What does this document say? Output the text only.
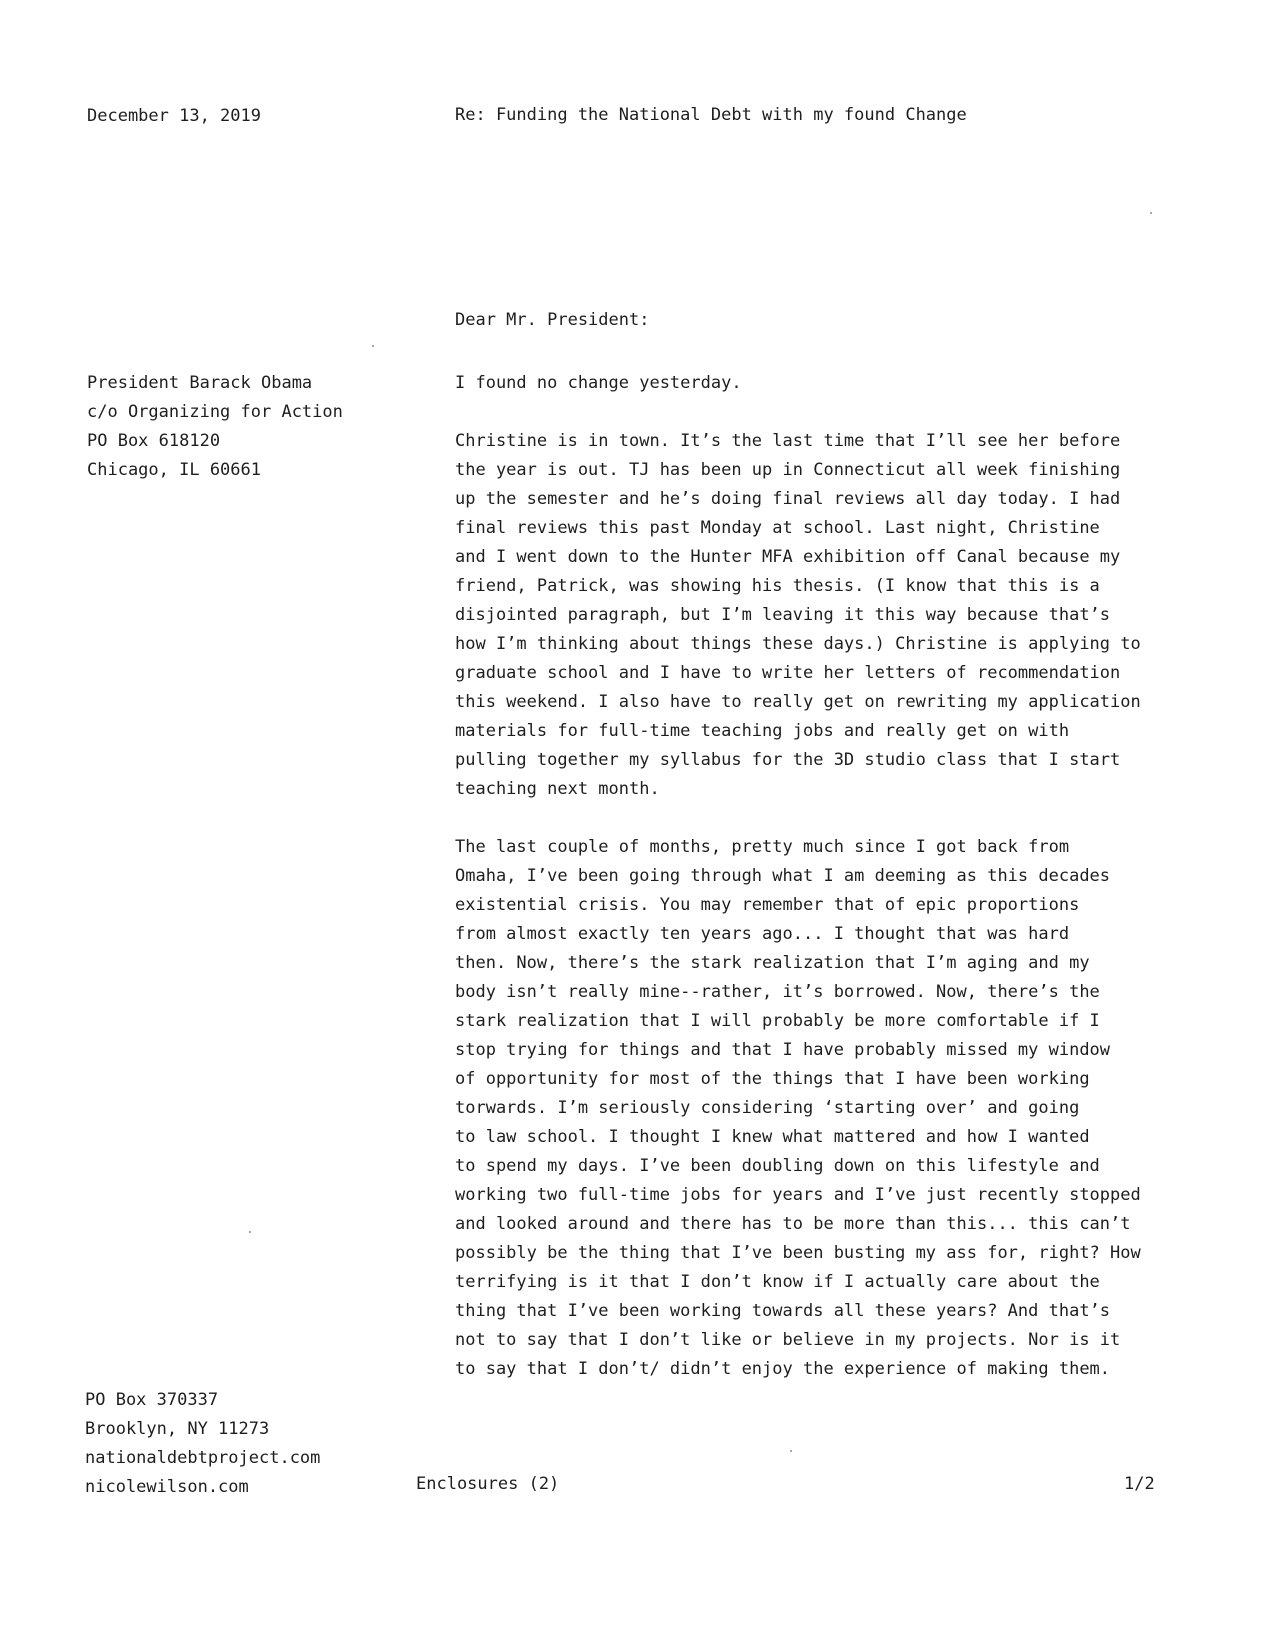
December 13, 2019	Re: Funding the National Debt with my found Change
Dear Mr. President:
President Barack Obama
c/o Organizing for Action
PO Box 618120
Chicago, IL 60661

I found no change yesterday.

Christine is in town. It’s the last time that I’ll see her before
the year is out. TJ has been up in Connecticut all week finishing
up the semester and he’s doing final reviews all day today. I had
final reviews this past Monday at school. Last night, Christine
and I went down to the Hunter MFA exhibition off Canal because my
friend, Patrick, was showing his thesis. (I know that this is a
disjointed paragraph, but I’m leaving it this way because that’s
how I’m thinking about things these days.) Christine is applying to
graduate school and I have to write her letters of recommendation
this weekend. I also have to really get on rewriting my application
materials for full-time teaching jobs and really get on with
pulling together my syllabus for the 3D studio class that I start
teaching next month.

The last couple of months, pretty much since I got back from
Omaha, I’ve been going through what I am deeming as this decades
existential crisis. You may remember that of epic proportions
from almost exactly ten years ago... I thought that was hard
then. Now, there’s the stark realization that I’m aging and my
body isn’t really mine--rather, it’s borrowed. Now, there’s the
stark realization that I will probably be more comfortable if I
stop trying for things and that I have probably missed my window
of opportunity for most of the things that I have been working
torwards. I’m seriously considering ‘starting over’ and going
to law school. I thought I knew what mattered and how I wanted
to spend my days. I’ve been doubling down on this lifestyle and
working two full-time jobs for years and I’ve just recently stopped
and looked around and there has to be more than this... this can’t
possibly be the thing that I’ve been busting my ass for, right? How
terrifying is it that I don’t know if I actually care about the
thing that I’ve been working towards all these years? And that’s
not to say that I don’t like or believe in my projects. Nor is it
to say that I don’t/ didn’t enjoy the experience of making them.

PO Box 370337
Brooklyn, NY 11273
nationaldebtproject.com
nicolewilson.com	Enclosures (2)	1/2
